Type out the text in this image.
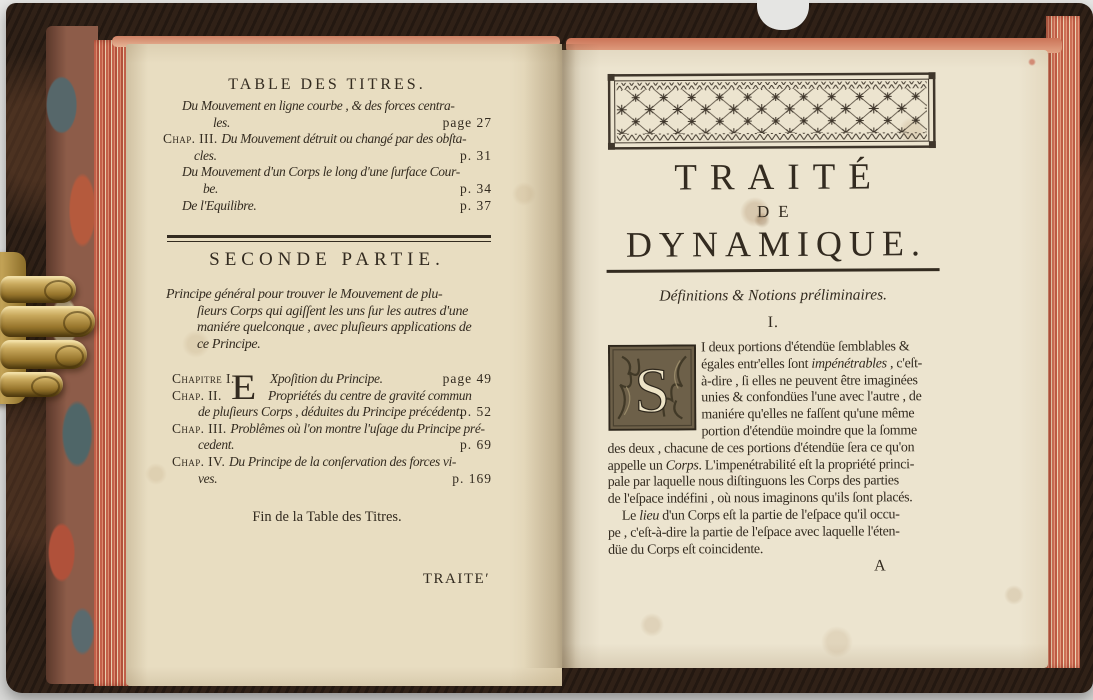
TABLE DES TITRES.
Du Mouvement en ligne courbe , & des forces centra-
les.	page 27
Chap. III. Du Mouvement détruit ou changé par des obſta-
cles.	p. 31
Du Mouvement d'un Corps le long d'une ſurface Cour-
be.	p. 34
De l'Equilibre.	p. 37
SECONDE PARTIE.
Principe général pour trouver le Mouvement de plu-
ſieurs Corps qui agiſſent les uns ſur les autres d'une
maniére quelconque , avec pluſieurs applications de
ce Principe.
Chapitre I.	Xpoſition du Principe.	page 49
Chap. II.	Propriétés du centre de gravité commun
de pluſieurs Corps , déduites du Principe précédent.
p. 52
Chap. III. Problêmes où l'on montre l'uſage du Principe pré-
cedent.	p. 69
Chap. IV. Du Principe de la conſervation des forces vi-
ves.	p. 169
E
Fin de la Table des Titres.
TRAITE′
TRAITÉ
DE
DYNAMIQUE.
Définitions & Notions préliminaires.
I.
S
I deux portions d'étendüe ſemblables &
égales entr'elles ſont impénétrables , c'eſt-
à-dire , ſi elles ne peuvent être imaginées
unies & confondües l'une avec l'autre , de
maniére qu'elles ne faſſent qu'une même
portion d'étendüe moindre que la ſomme
des deux , chacune de ces portions d'étendüe ſera ce qu'on
appelle un Corps. L'impenétrabilité eſt la propriété princi-
pale par laquelle nous diſtinguons les Corps des parties
de l'eſpace indéfini , où nous imaginons qu'ils ſont placés.
Le lieu d'un Corps eſt la partie de l'eſpace qu'il occu-
pe , c'eſt-à-dire la partie de l'eſpace avec laquelle l'éten-
düe du Corps eſt coincidente.
A
